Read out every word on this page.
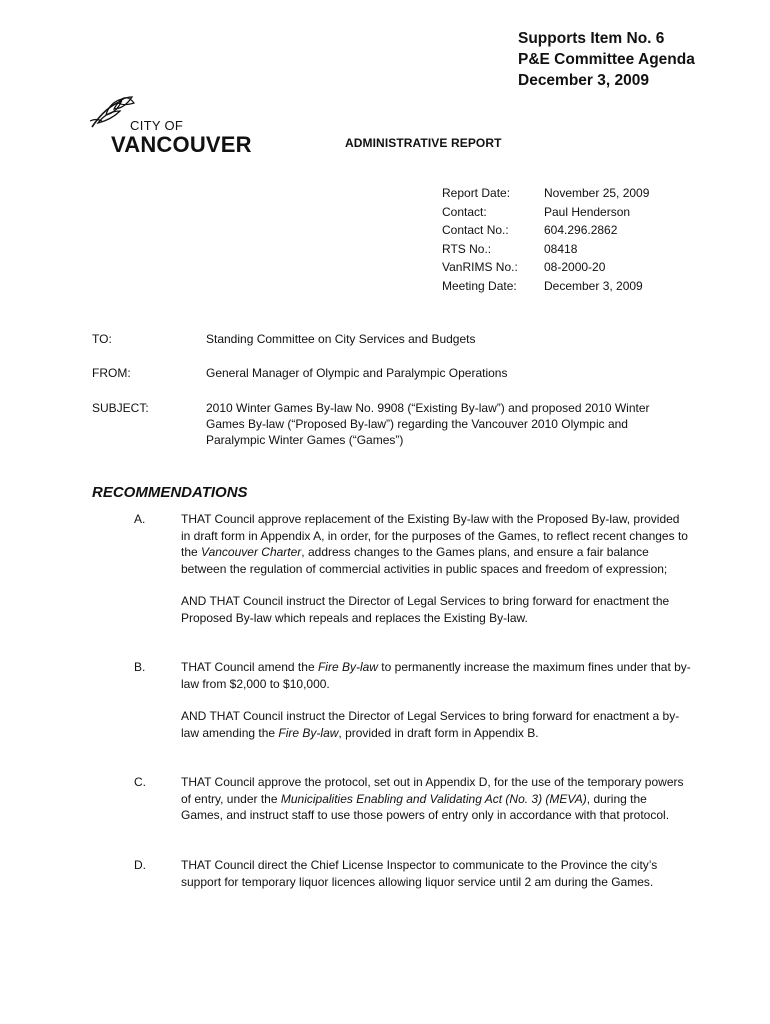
Supports Item No. 6
P&E Committee Agenda
December 3, 2009
CITY OF
VANCOUVER	ADMINISTRATIVE REPORT
Report Date:	November 25, 2009
Contact:	Paul Henderson
Contact No.:	604.296.2862
RTS No.:	08418
VanRIMS No.:	08-2000-20
Meeting Date:	December 3, 2009
TO:	Standing Committee on City Services and Budgets
FROM:	General Manager of Olympic and Paralympic Operations
SUBJECT:	2010 Winter Games By-law No. 9908 (“Existing By-law”) and proposed 2010 Winter Games By-law (“Proposed By-law”) regarding the Vancouver 2010 Olympic and Paralympic Winter Games (“Games”)
RECOMMENDATIONS
A.	THAT Council approve replacement of the Existing By-law with the Proposed By-law, provided in draft form in Appendix A, in order, for the purposes of the Games, to reflect recent changes to the Vancouver Charter, address changes to the Games plans, and ensure a fair balance between the regulation of commercial activities in public spaces and freedom of expression;

AND THAT Council instruct the Director of Legal Services to bring forward for enactment the Proposed By-law which repeals and replaces the Existing By-law.

B.	THAT Council amend the Fire By-law to permanently increase the maximum fines under that by-law from $2,000 to $10,000.

AND THAT Council instruct the Director of Legal Services to bring forward for enactment a by-law amending the Fire By-law, provided in draft form in Appendix B.

C.	THAT Council approve the protocol, set out in Appendix D, for the use of the temporary powers of entry, under the Municipalities Enabling and Validating Act (No. 3) (MEVA), during the Games, and instruct staff to use those powers of entry only in accordance with that protocol.

D.	THAT Council direct the Chief License Inspector to communicate to the Province the city’s support for temporary liquor licences allowing liquor service until 2 am during the Games.
